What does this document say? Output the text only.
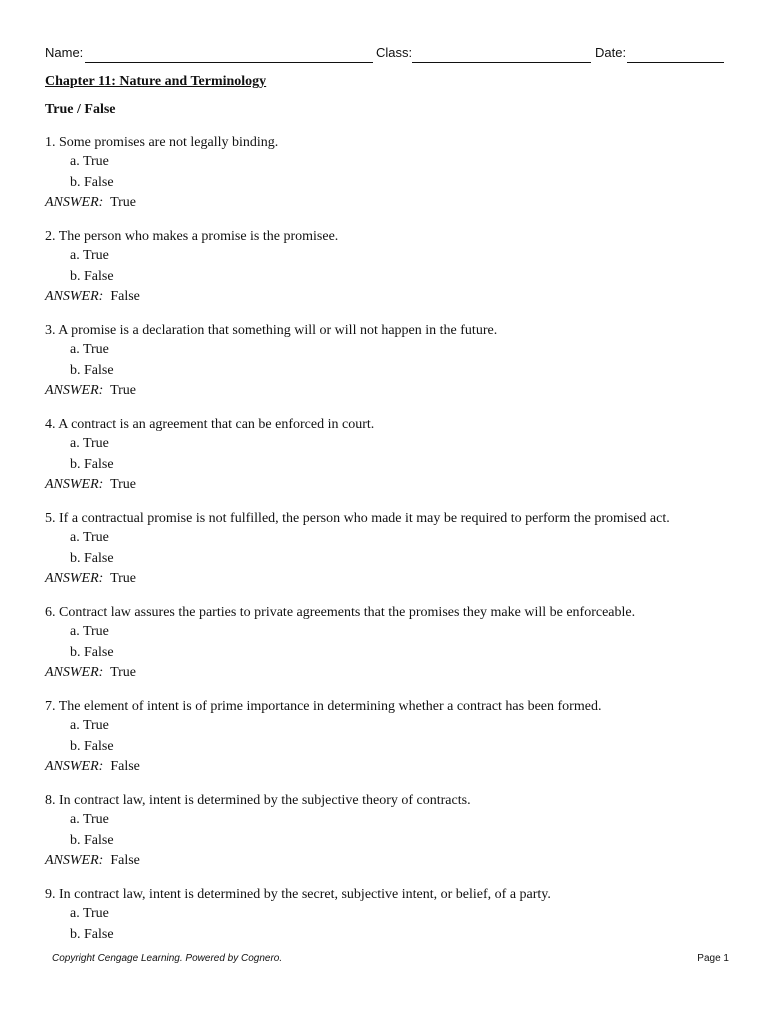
Name:	Class:	Date:
Chapter 11: Nature and Terminology
True / False
1. Some promises are not legally binding.
a. True
b. False
ANSWER: True
2. The person who makes a promise is the promisee.
a. True
b. False
ANSWER: False
3. A promise is a declaration that something will or will not happen in the future.
a. True
b. False
ANSWER: True
4. A contract is an agreement that can be enforced in court.
a. True
b. False
ANSWER: True
5. If a contractual promise is not fulfilled, the person who made it may be required to perform the promised act.
a. True
b. False
ANSWER: True
6. Contract law assures the parties to private agreements that the promises they make will be enforceable.
a. True
b. False
ANSWER: True
7. The element of intent is of prime importance in determining whether a contract has been formed.
a. True
b. False
ANSWER: False
8. In contract law, intent is determined by the subjective theory of contracts.
a. True
b. False
ANSWER: False
9. In contract law, intent is determined by the secret, subjective intent, or belief, of a party.
a. True
b. False
Copyright Cengage Learning. Powered by Cognero.	Page 1
